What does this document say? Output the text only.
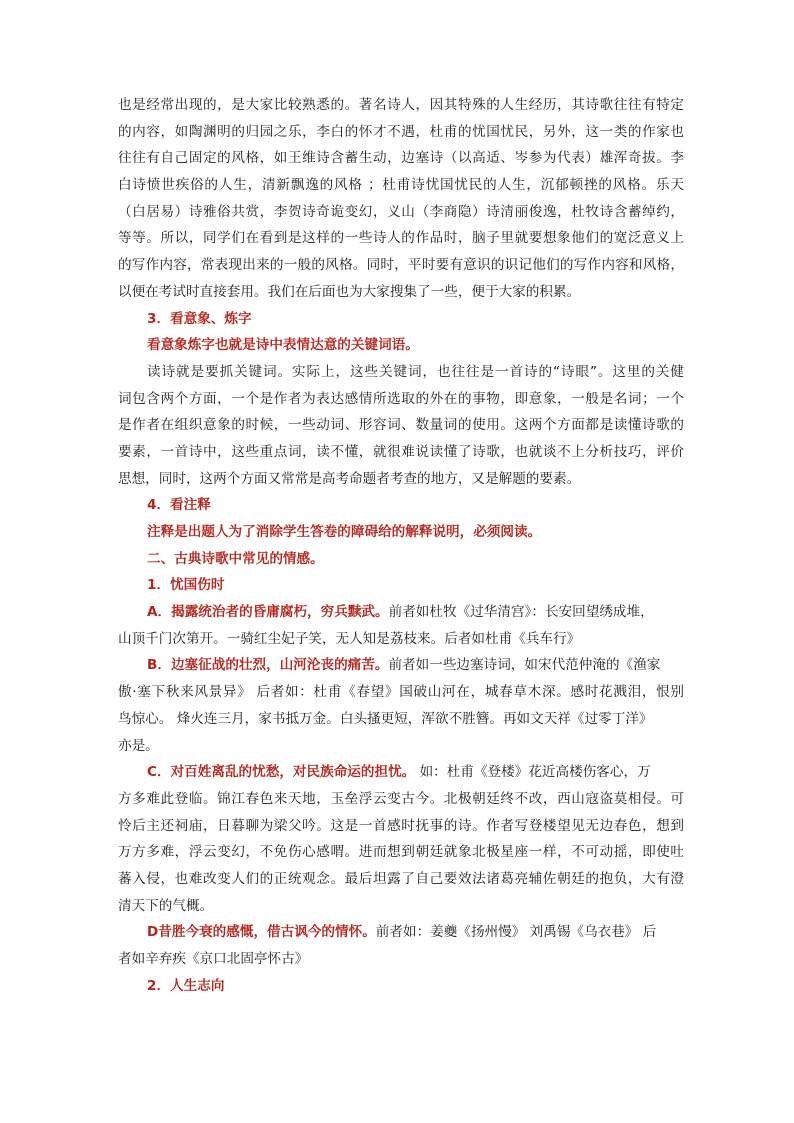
也是经常出现的，是大家比较熟悉的。著名诗人，因其特殊的人生经历，其诗歌往往有特定
的内容，如陶渊明的归园之乐，李白的怀才不遇，杜甫的忧国忧民，另外，这一类的作家也
往往有自己固定的风格，如王维诗含蓄生动，边塞诗（以高适、岑参为代表）雄浑奇拔。李
白诗愤世疾俗的人生，清新飘逸的风格 ；杜甫诗忧国忧民的人生，沉郁顿挫的风格。乐天
（白居易）诗雅俗共赏，李贺诗奇诡变幻，义山（李商隐）诗清丽俊逸，杜牧诗含蓄绰约，
等等。所以，同学们在看到是这样的一些诗人的作品时，脑子里就要想象他们的宽泛意义上
的写作内容，常表现出来的一般的风格。同时，平时要有意识的识记他们的写作内容和风格，
以便在考试时直接套用。我们在后面也为大家搜集了一些，便于大家的积累。
3．看意象、炼字
看意象炼字也就是诗中表情达意的关键词语。
读诗就是要抓关键词。实际上，这些关键词，也往往是一首诗的“诗眼”。这里的关健
词包含两个方面，一个是作者为表达感情所选取的外在的事物，即意象，一般是名词；一个
是作者在组织意象的时候，一些动词、形容词、数量词的使用。这两个方面都是读懂诗歌的
要素，一首诗中，这些重点词，读不懂，就很难说读懂了诗歌，也就谈不上分析技巧，评价
思想，同时，这两个方面又常常是高考命题者考查的地方，又是解题的要素。
4．看注释
注释是出题人为了消除学生答卷的障碍给的解释说明，必须阅读。
二、古典诗歌中常见的情感。
1．忧国伤时
A．揭露统治者的昏庸腐朽，穷兵黩武。前者如杜牧《过华清宫》：长安回望绣成堆，
山顶千门次第开。一骑红尘妃子笑，无人知是荔枝来。后者如杜甫《兵车行》
B．边塞征战的壮烈，山河沦丧的痛苦。前者如一些边塞诗词，如宋代范仲淹的《渔家
傲·塞下秋来风景异》 后者如：杜甫《春望》国破山河在，城春草木深。感时花溅泪，恨别
鸟惊心。 烽火连三月，家书抵万金。白头搔更短，浑欲不胜簪。再如文天祥《过零丁洋》
亦是。
C．对百姓离乱的忧愁，对民族命运的担忧。 如：杜甫《登楼》花近高楼伤客心，万
方多难此登临。锦江春色来天地，玉垒浮云变古今。北极朝廷终不改，西山寇盗莫相侵。可
怜后主还祠庙，日暮聊为梁父吟。这是一首感时抚事的诗。作者写登楼望见无边春色，想到
万方多难，浮云变幻，不免伤心感喟。进而想到朝廷就象北极星座一样，不可动摇，即使吐
蕃入侵，也难改变人们的正统观念。最后坦露了自己要效法诸葛亮辅佐朝廷的抱负，大有澄
清天下的气概。
D昔胜今衰的感慨，借古讽今的情怀。前者如：姜夔《扬州慢》 刘禹锡《乌衣巷》 后
者如辛弃疾《京口北固亭怀古》
2．人生志向
